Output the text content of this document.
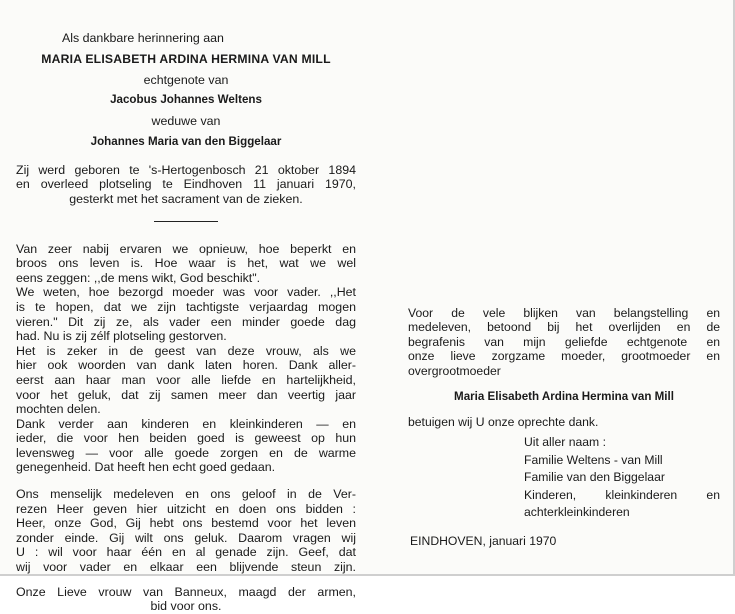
Als dankbare herinnering aan
MARIA ELISABETH ARDINA HERMINA VAN MILL
echtgenote van
Jacobus Johannes Weltens
weduwe van
Johannes Maria van den Biggelaar
Zij werd geboren te 's-Hertogenbosch 21 oktober 1894
en overleed plotseling te Eindhoven 11 januari 1970,
gesterkt met het sacrament van de zieken.
Van zeer nabij ervaren we opnieuw, hoe beperkt en
broos ons leven is. Hoe waar is het, wat we wel
eens zeggen: ,,de mens wikt, God beschikt".
We weten, hoe bezorgd moeder was voor vader. ,,Het
is te hopen, dat we zijn tachtigste verjaardag mogen
vieren." Dit zij ze, als vader een minder goede dag
had. Nu is zij zélf plotseling gestorven.
Het is zeker in de geest van deze vrouw, als we
hier ook woorden van dank laten horen. Dank aller-
eerst aan haar man voor alle liefde en hartelijkheid,
voor het geluk, dat zij samen meer dan veertig jaar
mochten delen.
Dank verder aan kinderen en kleinkinderen — en
ieder, die voor hen beiden goed is geweest op hun
levensweg — voor alle goede zorgen en de warme
genegenheid. Dat heeft hen echt goed gedaan.
Ons menselijk medeleven en ons geloof in de Ver-
rezen Heer geven hier uitzicht en doen ons bidden :
Heer, onze God, Gij hebt ons bestemd voor het leven
zonder einde. Gij wilt ons geluk. Daarom vragen wij
U : wil voor haar één en al genade zijn. Geef, dat
wij voor vader en elkaar een blijvende steun zijn.
Onze Lieve vrouw van Banneux, maagd der armen,
bid voor ons.
Voor de vele blijken van belangstelling en
medeleven, betoond bij het overlijden en de
begrafenis van mijn geliefde echtgenote en
onze lieve zorgzame moeder, grootmoeder en
overgrootmoeder
Maria Elisabeth Ardina Hermina van Mill
betuigen wij U onze oprechte dank.
Uit aller naam :
Familie Weltens - van Mill
Familie van den Biggelaar
Kinderen, kleinkinderen en
achterkleinkinderen
EINDHOVEN, januari 1970
